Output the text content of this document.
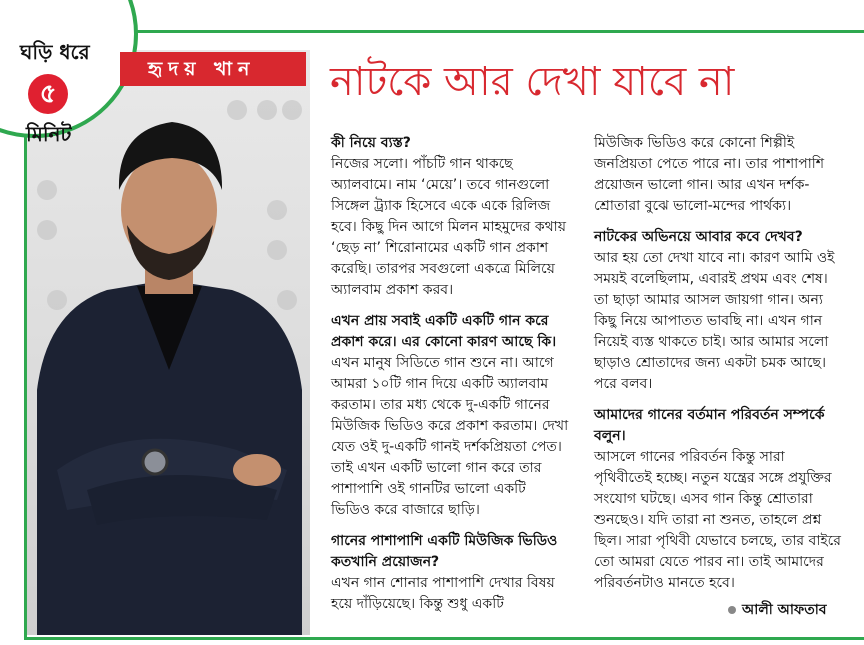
ঘড়ি ধরে
৫
মিনিট
হৃদয় খান	নাটকে আর দেখা যাবে না

কী নিয়ে ব্যস্ত?

নিজের সলো। পাঁচটি গান থাকছে অ্যালবামে। নাম ‘মেয়ে’। তবে গানগুলো সিঙ্গেল ট্র্যাক হিসেবে একে একে রিলিজ হবে। কিছু দিন আগে মিলন মাহমুদের কথায় ‘ছেড় না’ শিরোনামের একটি গান প্রকাশ করেছি। তারপর সবগুলো একত্রে মিলিয়ে অ্যালবাম প্রকাশ করব।

এখন প্রায় সবাই একটি একটি গান করে প্রকাশ করে। এর কোনো কারণ আছে কি।

এখন মানুষ সিডিতে গান শুনে না। আগে আমরা ১০টি গান দিয়ে একটি অ্যালবাম করতাম। তার মধ্য থেকে দু-একটি গানের মিউজিক ভিডিও করে প্রকাশ করতাম। দেখা যেত ওই দু-একটি গানই দর্শকপ্রিয়তা পেত। তাই এখন একটি ভালো গান করে তার পাশাপাশি ওই গানটির ভালো একটি ভিডিও করে বাজারে ছাড়ি।

গানের পাশাপাশি একটি মিউজিক ভিডিও কতখানি প্রয়োজন?

এখন গান শোনার পাশাপাশি দেখার বিষয় হয়ে দাঁড়িয়েছে। কিন্তু শুধু একটি

মিউজিক ভিডিও করে কোনো শিল্পীই জনপ্রিয়তা পেতে পারে না। তার পাশাপাশি প্রয়োজন ভালো গান। আর এখন দর্শক-শ্রোতারা বুঝে ভালো-মন্দের পার্থক্য।

নাটকের অভিনয়ে আবার কবে দেখব?

আর হয় তো দেখা যাবে না। কারণ আমি ওই সময়ই বলেছিলাম, এবারই প্রথম এবং শেষ। তা ছাড়া আমার আসল জায়গা গান। অন্য কিছু নিয়ে আপাতত ভাবছি না। এখন গান নিয়েই ব্যস্ত থাকতে চাই। আর আমার সলো ছাড়াও শ্রোতাদের জন্য একটা চমক আছে। পরে বলব।

আমাদের গানের বর্তমান পরিবর্তন সম্পর্কে বলুন।

আসলে গানের পরিবর্তন কিন্তু সারা পৃথিবীতেই হচ্ছে। নতুন যন্ত্রের সঙ্গে প্রযুক্তির সংযোগ ঘটছে। এসব গান কিন্তু শ্রোতারা শুনছেও। যদি তারা না শুনত, তাহলে প্রশ্ন ছিল। সারা পৃথিবী যেভাবে চলছে, তার বাইরে তো আমরা যেতে পারব না। তাই আমাদের পরিবর্তনটাও মানতে হবে।

আলী আফতাব
